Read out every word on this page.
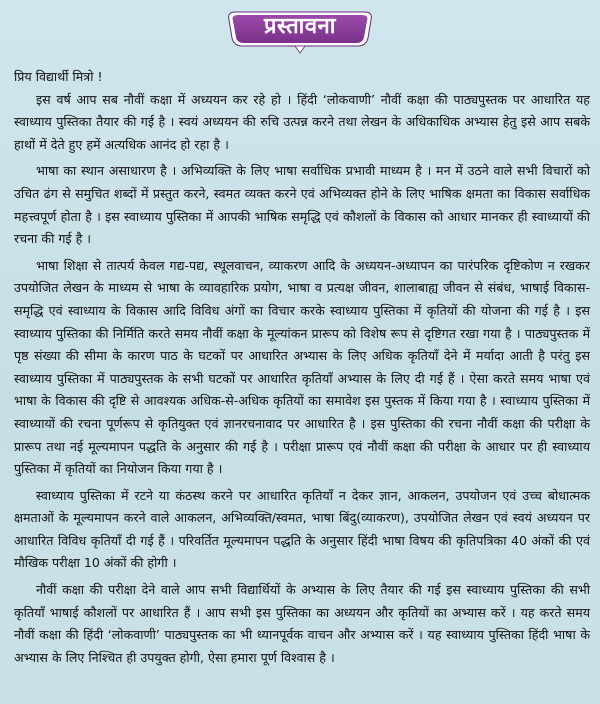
प्रस्तावना

प्रिय विद्यार्थी मित्रो !

इस वर्ष आप सब नौवीं कक्षा में अध्ययन कर रहे हो । हिंदी ‘लोकवाणी’ नौवीं कक्षा की पाठ्यपुस्तक पर आधारित यह स्वाध्याय पुस्तिका तैयार की गई है । स्वयं अध्ययन की रुचि उत्पन्न करने तथा लेखन के अधिकाधिक अभ्यास हेतु इसे आप सबके हाथों में देते हुए हमें अत्यधिक आनंद हो रहा है ।

भाषा का स्थान असाधारण है । अभिव्यक्ति के लिए भाषा सर्वाधिक प्रभावी माध्यम है । मन में उठने वाले सभी विचारों को उचित ढंग से समुचित शब्दों में प्रस्तुत करने, स्वमत व्यक्त करने एवं अभिव्यक्त होने के लिए भाषिक क्षमता का विकास सर्वाधिक महत्त्वपूर्ण होता है । इस स्वाध्याय पुस्तिका में आपकी भाषिक समृद्धि एवं कौशलों के विकास को आधार मानकर ही स्वाध्यायों की रचना की गई है ।

भाषा शिक्षा से तात्पर्य केवल गद्य-पद्य, स्थूलवाचन, व्याकरण आदि के अध्ययन-अध्यापन का पारंपरिक दृष्टिकोण न रखकर उपयोजित लेखन के माध्यम से भाषा के व्यावहारिक प्रयोग, भाषा व प्रत्यक्ष जीवन, शालाबाह्य जीवन से संबंध, भाषाई विकास-समृद्धि एवं स्वाध्याय के विकास आदि विविध अंगों का विचार करके स्वाध्याय पुस्तिका में कृतियों की योजना की गई है । इस स्वाध्याय पुस्तिका की निर्मिति करते समय नौवीं कक्षा के मूल्यांकन प्रारूप को विशेष रूप से दृष्टिगत रखा गया है । पाठ्यपुस्तक में पृष्ठ संख्या की सीमा के कारण पाठ के घटकों पर आधारित अभ्यास के लिए अधिक कृतियाँ देने में मर्यादा आती है परंतु इस स्वाध्याय पुस्तिका में पाठ्यपुस्तक के सभी घटकों पर आधारित कृतियाँ अभ्यास के लिए दी गई हैं । ऐसा करते समय भाषा एवं भाषा के विकास की दृष्टि से आवश्यक अधिक-से-अधिक कृतियों का समावेश इस पुस्तक में किया गया है । स्वाध्याय पुस्तिका में स्वाध्यायों की रचना पूर्णरूप से कृतियुक्त एवं ज्ञानरचनावाद पर आधारित है । इस पुस्तिका की रचना नौवीं कक्षा की परीक्षा के प्रारूप तथा नई मूल्यमापन पद्धति के अनुसार की गई है । परीक्षा प्रारूप एवं नौवीं कक्षा की परीक्षा के आधार पर ही स्वाध्याय पुस्तिका में कृतियों का नियोजन किया गया है ।

स्वाध्याय पुस्तिका में रटने या कंठस्थ करने पर आधारित कृतियाँ न देकर ज्ञान, आकलन, उपयोजन एवं उच्च बोधात्मक क्षमताओं के मूल्यमापन करने वाले आकलन, अभिव्यक्ति/स्वमत, भाषा बिंदु(व्याकरण), उपयोजित लेखन एवं स्वयं अध्ययन पर आधारित विविध कृतियाँ दी गई हैं । परिवर्तित मूल्यमापन पद्धति के अनुसार हिंदी भाषा विषय की कृतिपत्रिका 40 अंकों की एवं मौखिक परीक्षा 10 अंकों की होगी ।

नौवीं कक्षा की परीक्षा देने वाले आप सभी विद्यार्थियों के अभ्यास के लिए तैयार की गई इस स्वाध्याय पुस्तिका की सभी कृतियाँ भाषाई कौशलों पर आधारित हैं । आप सभी इस पुस्तिका का अध्ययन और कृतियों का अभ्यास करें । यह करते समय नौवीं कक्षा की हिंदी ‘लोकवाणी’ पाठ्यपुस्तक का भी ध्यानपूर्वक वाचन और अभ्यास करें । यह स्वाध्याय पुस्तिका हिंदी भाषा के अभ्यास के लिए निश्चित ही उपयुक्त होगी, ऐसा हमारा पूर्ण विश्वास है ।
